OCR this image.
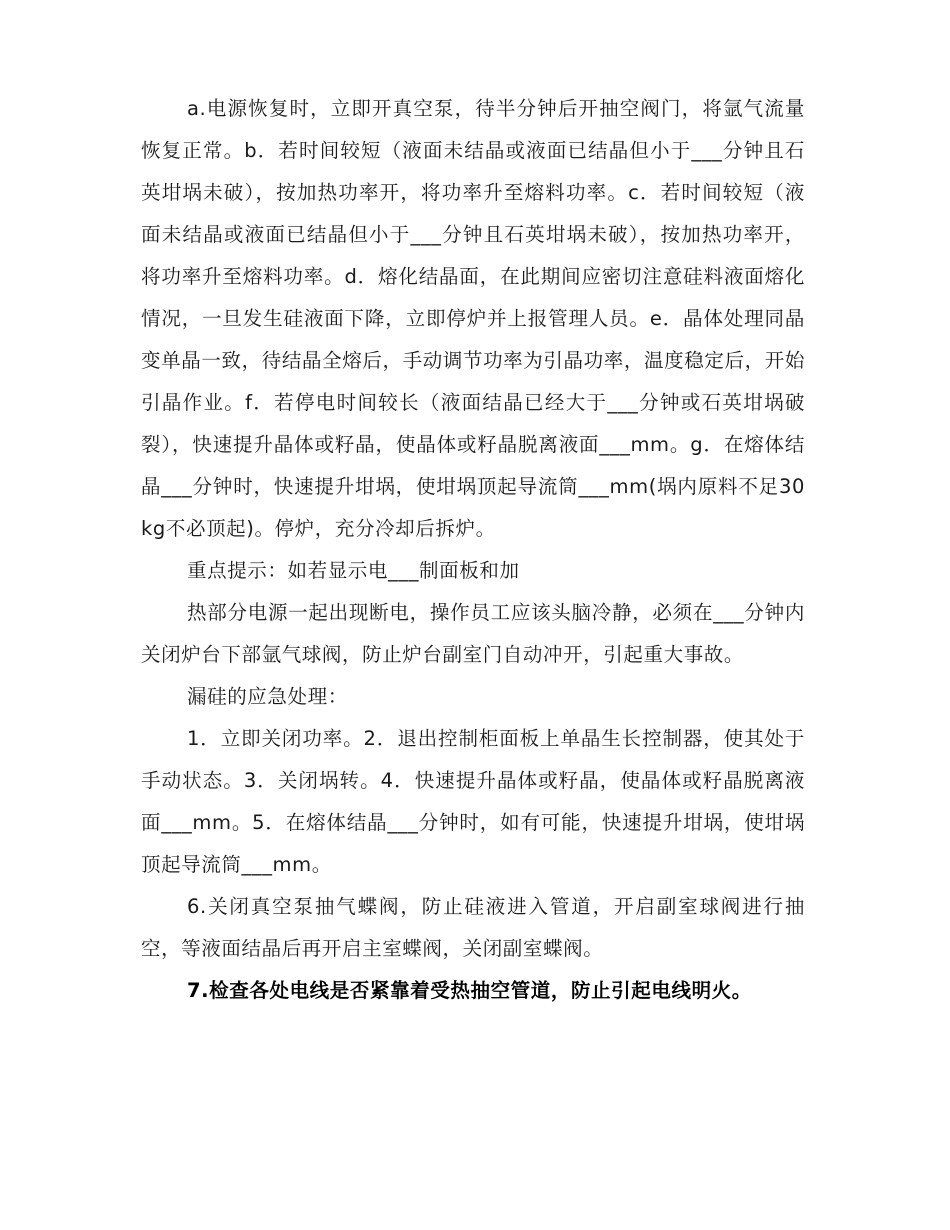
a.电源恢复时，立即开真空泵，待半分钟后开抽空阀门，将氩气流量恢复正常。b．若时间较短（液面未结晶或液面已结晶但小于___分钟且石英坩埚未破），按加热功率开，将功率升至熔料功率。c．若时间较短（液面未结晶或液面已结晶但小于___分钟且石英坩埚未破），按加热功率开，将功率升至熔料功率。d．熔化结晶面，在此期间应密切注意硅料液面熔化情况，一旦发生硅液面下降，立即停炉并上报管理人员。e．晶体处理同晶变单晶一致，待结晶全熔后，手动调节功率为引晶功率，温度稳定后，开始引晶作业。f．若停电时间较长（液面结晶已经大于___分钟或石英坩埚破裂），快速提升晶体或籽晶，使晶体或籽晶脱离液面___mm。g．在熔体结晶___分钟时，快速提升坩埚，使坩埚顶起导流筒___mm(埚内原料不足30kg不必顶起)。停炉，充分冷却后拆炉。

重点提示：如若显示电___制面板和加

热部分电源一起出现断电，操作员工应该头脑冷静，必须在___分钟内关闭炉台下部氩气球阀，防止炉台副室门自动冲开，引起重大事故。

漏硅的应急处理：

1．立即关闭功率。2．退出控制柜面板上单晶生长控制器，使其处于手动状态。3．关闭埚转。4．快速提升晶体或籽晶，使晶体或籽晶脱离液面___mm。5．在熔体结晶___分钟时，如有可能，快速提升坩埚，使坩埚顶起导流筒___mm。

6.关闭真空泵抽气蝶阀，防止硅液进入管道，开启副室球阀进行抽空，等液面结晶后再开启主室蝶阀，关闭副室蝶阀。

7.检查各处电线是否紧靠着受热抽空管道，防止引起电线明火。
